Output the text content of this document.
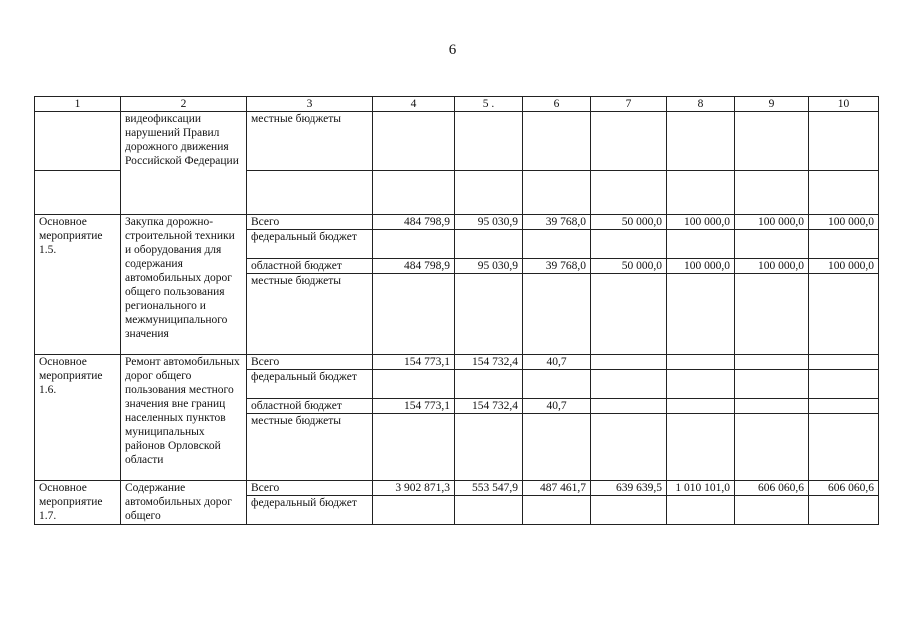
6
1	2	3	4	5 .	6	7	8	9	10
	видеофиксации нарушений Правил дорожного движения Российской Федерации	местные бюджеты							

Основное мероприятие 1.5.	Закупка дорожно-строительной техники и оборудования для содержания автомобильных дорог общего пользования регионального и межмуниципального значения	Всего	484 798,9	95 030,9	39 768,0	50 000,0	100 000,0	100 000,0	100 000,0
		федеральный бюджет							
		областной бюджет	484 798,9	95 030,9	39 768,0	50 000,0	100 000,0	100 000,0	100 000,0
		местные бюджеты							
Основное мероприятие 1.6.	Ремонт автомобильных дорог общего пользования местного значения вне границ населенных пунктов муниципальных районов Орловской области	Всего	154 773,1	154 732,4	40,7				
		федеральный бюджет							
		областной бюджет	154 773,1	154 732,4	40,7				
		местные бюджеты							
Основное мероприятие 1.7.	Содержание автомобильных дорог общего	Всего	3 902 871,3	553 547,9	487 461,7	639 639,5	1 010 101,0	606 060,6	606 060,6
		федеральный бюджет							
